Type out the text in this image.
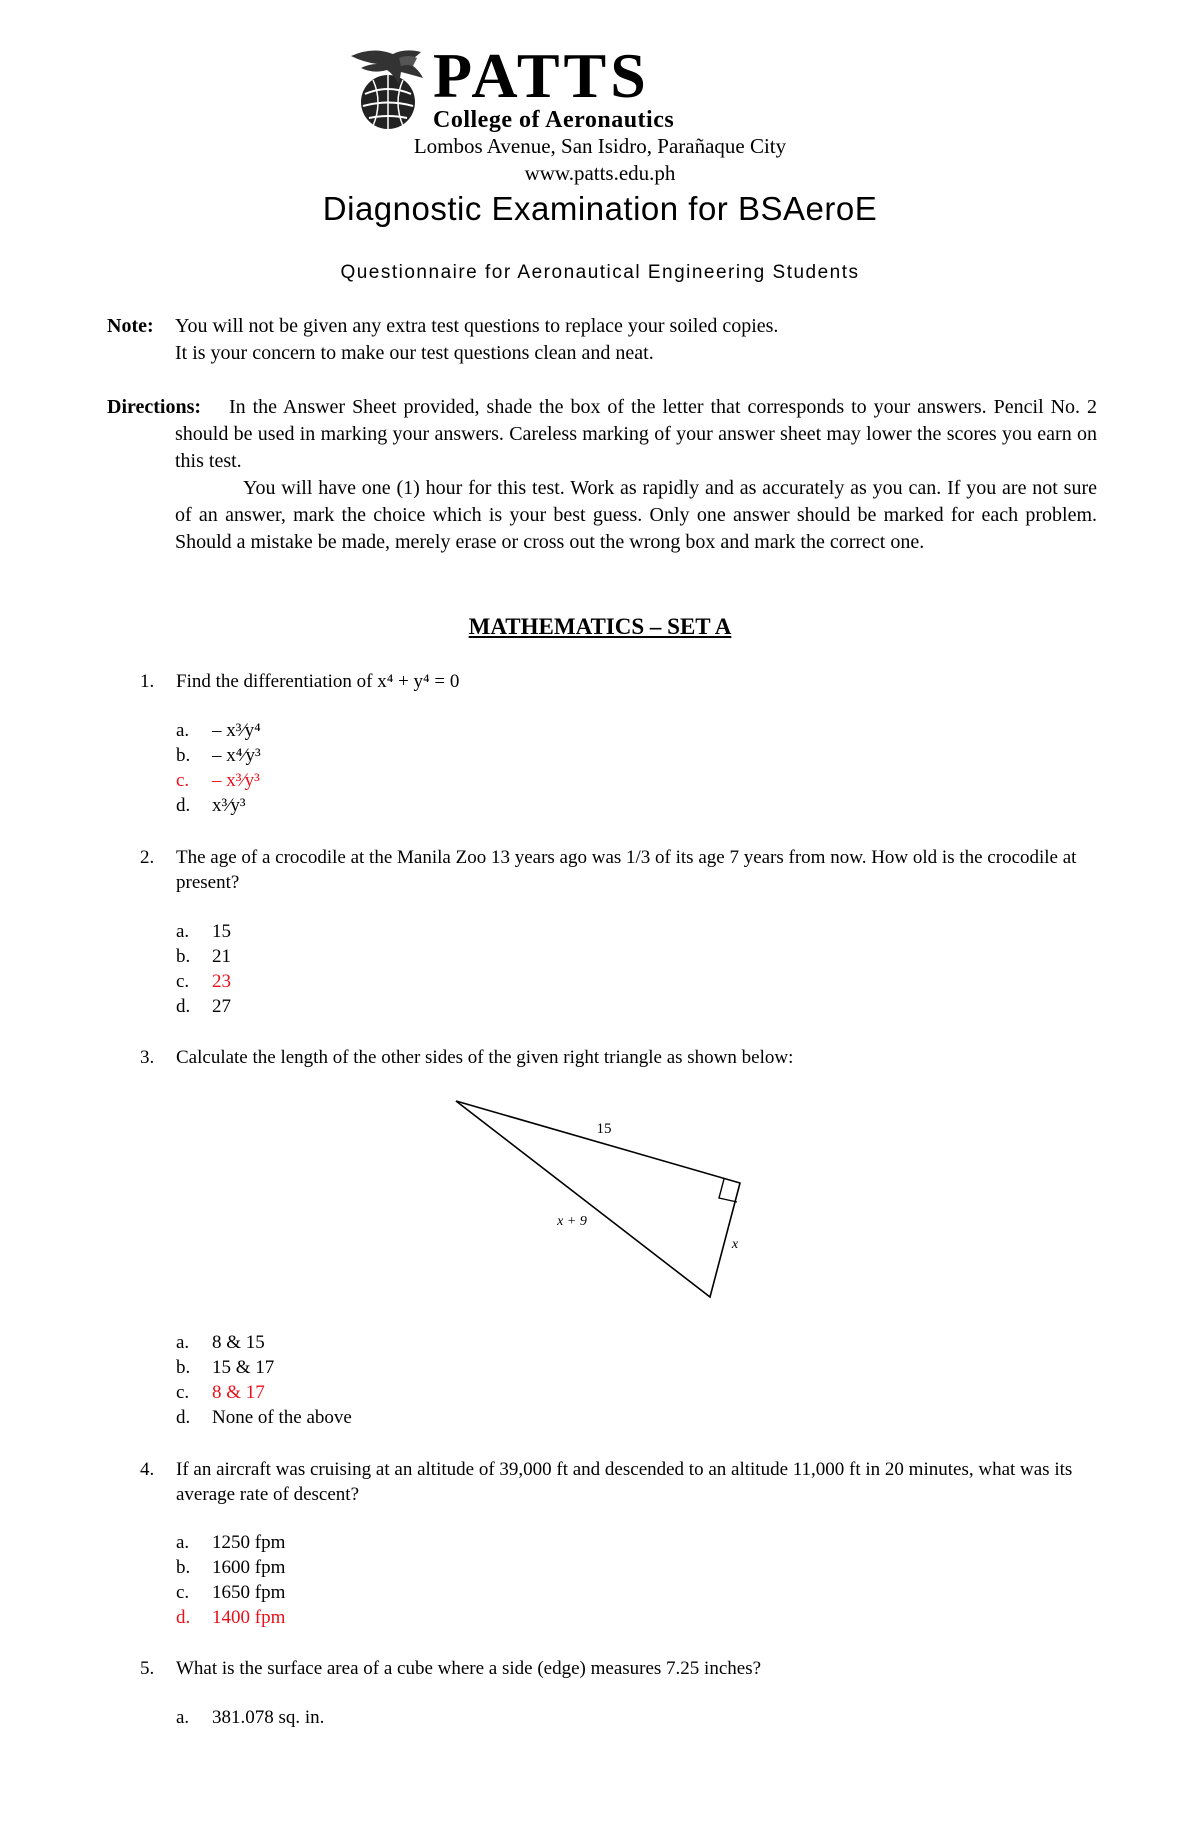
PATTS
College of Aeronautics
Lombos Avenue, San Isidro, Parañaque City
www.patts.edu.ph
Diagnostic Examination for BSAeroE
Questionnaire for Aeronautical Engineering Students
Note: You will not be given any extra test questions to replace your soiled copies.
It is your concern to make our test questions clean and neat.
Directions: In the Answer Sheet provided, shade the box of the letter that corresponds to your answers. Pencil No. 2 should be used in marking your answers. Careless marking of your answer sheet may lower the scores you earn on this test.
You will have one (1) hour for this test. Work as rapidly and as accurately as you can. If you are not sure of an answer, mark the choice which is your best guess. Only one answer should be marked for each problem. Should a mistake be made, merely erase or cross out the wrong box and mark the correct one.
MATHEMATICS – SET A
1. Find the differentiation of x⁴ + y⁴ = 0
a. – x³⁄y⁴
b. – x⁴⁄y³
c. – x³⁄y³
d. x³⁄y³
2. The age of a crocodile at the Manila Zoo 13 years ago was 1/3 of its age 7 years from now. How old is the crocodile at present?
a. 15
b. 21
c. 23
d. 27
3. Calculate the length of the other sides of the given right triangle as shown below:
15
x + 9
x
a. 8 & 15
b. 15 & 17
c. 8 & 17
d. None of the above
4. If an aircraft was cruising at an altitude of 39,000 ft and descended to an altitude 11,000 ft in 20 minutes, what was its average rate of descent?
a. 1250 fpm
b. 1600 fpm
c. 1650 fpm
d. 1400 fpm
5. What is the surface area of a cube where a side (edge) measures 7.25 inches?
a. 381.078 sq. in.
